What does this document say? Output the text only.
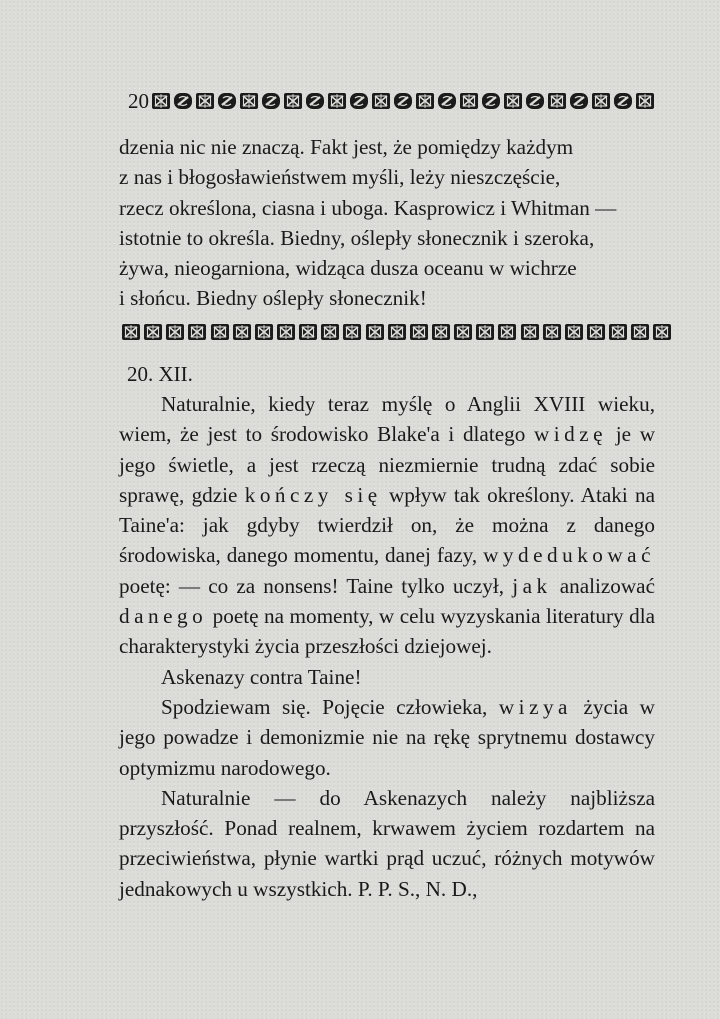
20

dzenia nic nie znaczą. Fakt jest, że pomiędzy każdym

z nas i błogosławieństwem myśli, leży nieszczęście,

rzecz określona, ciasna i uboga. Kasprowicz i Whitman —

istotnie to określa. Biedny, oślepły słonecznik i szeroka,

żywa, nieogarniona, widząca dusza oceanu w wichrze

i słońcu. Biedny oślepły słonecznik!

20. XII.

Naturalnie, kiedy teraz myślę o Anglii XVIII wieku, wiem, że jest to środowisko Blake'a i dlatego widzę je w jego świetle, a jest rzeczą niezmiernie trudną zdać sobie sprawę, gdzie kończy się wpływ tak określony. Ataki na Taine'a: jak gdyby twierdził on, że można z danego środowiska, danego momentu, danej fazy, wydedukować poetę: — co za nonsens! Taine tylko uczył, jak analizować danego poetę na momenty, w celu wyzyskania literatury dla charakterystyki życia przeszłości dziejowej.

Askenazy contra Taine!

Spodziewam się. Pojęcie człowieka, wizya życia w jego powadze i demonizmie nie na rękę sprytnemu dostawcy optymizmu narodowego.

Naturalnie — do Askenazych należy najbliższa przyszłość. Ponad realnem, krwawem życiem rozdartem na przeciwieństwa, płynie wartki prąd uczuć, różnych motywów jednakowych u wszystkich. P. P. S., N. D.,
